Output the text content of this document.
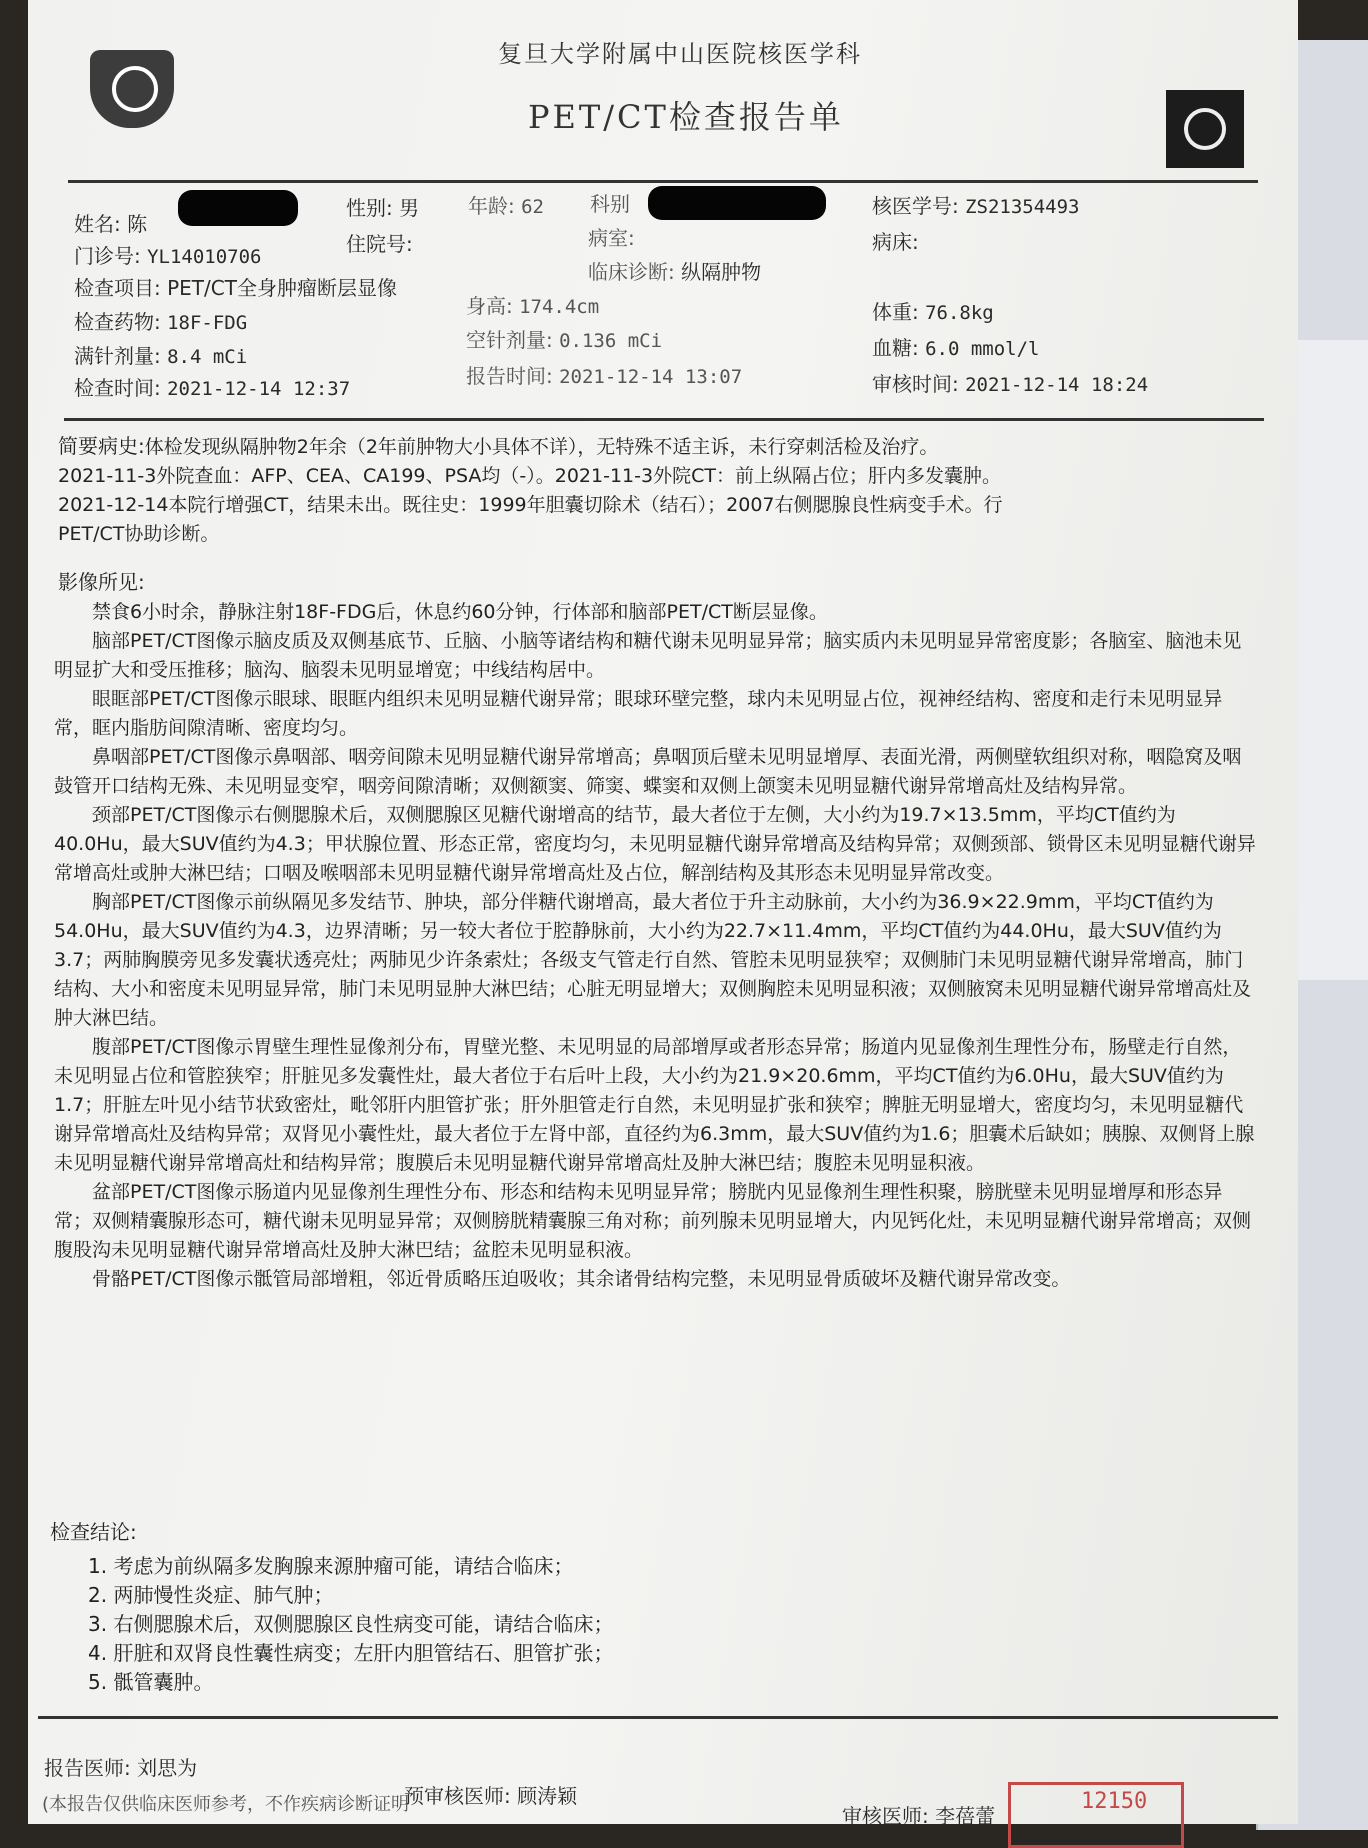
复旦大学附属中山医院核医学科
PET/CT检查报告单
姓名: 陈
性别: 男 年龄: 62 科别	核医学号: ZS21354493
门诊号: YL14010706
住院号:	病室:	病床:
检查项目: PET/CT全身肿瘤断层显像
临床诊断: 纵隔肿物
检查药物: 18F-FDG
身高: 174.4cm	体重: 76.8kg
满针剂量: 8.4 mCi
空针剂量: 0.136 mCi	血糖: 6.0 mmol/l
检查时间: 2021-12-14 12:37
报告时间: 2021-12-14 13:07	审核时间: 2021-12-14 18:24
简要病史:体检发现纵隔肿物2年余（2年前肿物大小具体不详），无特殊不适主诉，未行穿刺活检及治疗。
2021-11-3外院查血：AFP、CEA、CA199、PSA均（-）。2021-11-3外院CT：前上纵隔占位；肝内多发囊肿。
2021-12-14本院行增强CT，结果未出。既往史：1999年胆囊切除术（结石）；2007右侧腮腺良性病变手术。行
PET/CT协助诊断。
影像所见:
禁食6小时余，静脉注射18F-FDG后，休息约60分钟，行体部和脑部PET/CT断层显像。
脑部PET/CT图像示脑皮质及双侧基底节、丘脑、小脑等诸结构和糖代谢未见明显异常；脑实质内未见明显异常密度影；各脑室、脑池未见明显扩大和受压推移；脑沟、脑裂未见明显增宽；中线结构居中。
眼眶部PET/CT图像示眼球、眼眶内组织未见明显糖代谢异常；眼球环壁完整，球内未见明显占位，视神经结构、密度和走行未见明显异常，眶内脂肪间隙清晰、密度均匀。
鼻咽部PET/CT图像示鼻咽部、咽旁间隙未见明显糖代谢异常增高；鼻咽顶后壁未见明显增厚、表面光滑，两侧壁软组织对称，咽隐窝及咽鼓管开口结构无殊、未见明显变窄，咽旁间隙清晰；双侧额窦、筛窦、蝶窦和双侧上颌窦未见明显糖代谢异常增高灶及结构异常。
颈部PET/CT图像示右侧腮腺术后，双侧腮腺区见糖代谢增高的结节，最大者位于左侧，大小约为19.7×13.5mm，平均CT值约为40.0Hu，最大SUV值约为4.3；甲状腺位置、形态正常，密度均匀，未见明显糖代谢异常增高及结构异常；双侧颈部、锁骨区未见明显糖代谢异常增高灶或肿大淋巴结；口咽及喉咽部未见明显糖代谢异常增高灶及占位，解剖结构及其形态未见明显异常改变。
胸部PET/CT图像示前纵隔见多发结节、肿块，部分伴糖代谢增高，最大者位于升主动脉前，大小约为36.9×22.9mm，平均CT值约为54.0Hu，最大SUV值约为4.3，边界清晰；另一较大者位于腔静脉前，大小约为22.7×11.4mm，平均CT值约为44.0Hu，最大SUV值约为3.7；两肺胸膜旁见多发囊状透亮灶；两肺见少许条索灶；各级支气管走行自然、管腔未见明显狭窄；双侧肺门未见明显糖代谢异常增高，肺门结构、大小和密度未见明显异常，肺门未见明显肿大淋巴结；心脏无明显增大；双侧胸腔未见明显积液；双侧腋窝未见明显糖代谢异常增高灶及肿大淋巴结。
腹部PET/CT图像示胃壁生理性显像剂分布，胃壁光整、未见明显的局部增厚或者形态异常；肠道内见显像剂生理性分布，肠壁走行自然，未见明显占位和管腔狭窄；肝脏见多发囊性灶，最大者位于右后叶上段，大小约为21.9×20.6mm，平均CT值约为6.0Hu，最大SUV值约为1.7；肝脏左叶见小结节状致密灶，毗邻肝内胆管扩张；肝外胆管走行自然，未见明显扩张和狭窄；脾脏无明显增大，密度均匀，未见明显糖代谢异常增高灶及结构异常；双肾见小囊性灶，最大者位于左肾中部，直径约为6.3mm，最大SUV值约为1.6；胆囊术后缺如；胰腺、双侧肾上腺未见明显糖代谢异常增高灶和结构异常；腹膜后未见明显糖代谢异常增高灶及肿大淋巴结；腹腔未见明显积液。
盆部PET/CT图像示肠道内见显像剂生理性分布、形态和结构未见明显异常；膀胱内见显像剂生理性积聚，膀胱壁未见明显增厚和形态异常；双侧精囊腺形态可，糖代谢未见明显异常；双侧膀胱精囊腺三角对称；前列腺未见明显增大，内见钙化灶，未见明显糖代谢异常增高；双侧腹股沟未见明显糖代谢异常增高灶及肿大淋巴结；盆腔未见明显积液。
骨骼PET/CT图像示骶管局部增粗，邻近骨质略压迫吸收；其余诸骨结构完整，未见明显骨质破坏及糖代谢异常改变。
检查结论:
1. 考虑为前纵隔多发胸腺来源肿瘤可能，请结合临床；
2. 两肺慢性炎症、肺气肿；
3. 右侧腮腺术后，双侧腮腺区良性病变可能，请结合临床；
4. 肝脏和双肾良性囊性病变；左肝内胆管结石、胆管扩张；
5. 骶管囊肿。
报告医师: 刘思为
预审核医师: 顾涛颖
(本报告仅供临床医师参考，不作疾病诊断证明	审核医师: 李蓓蕾
12150
